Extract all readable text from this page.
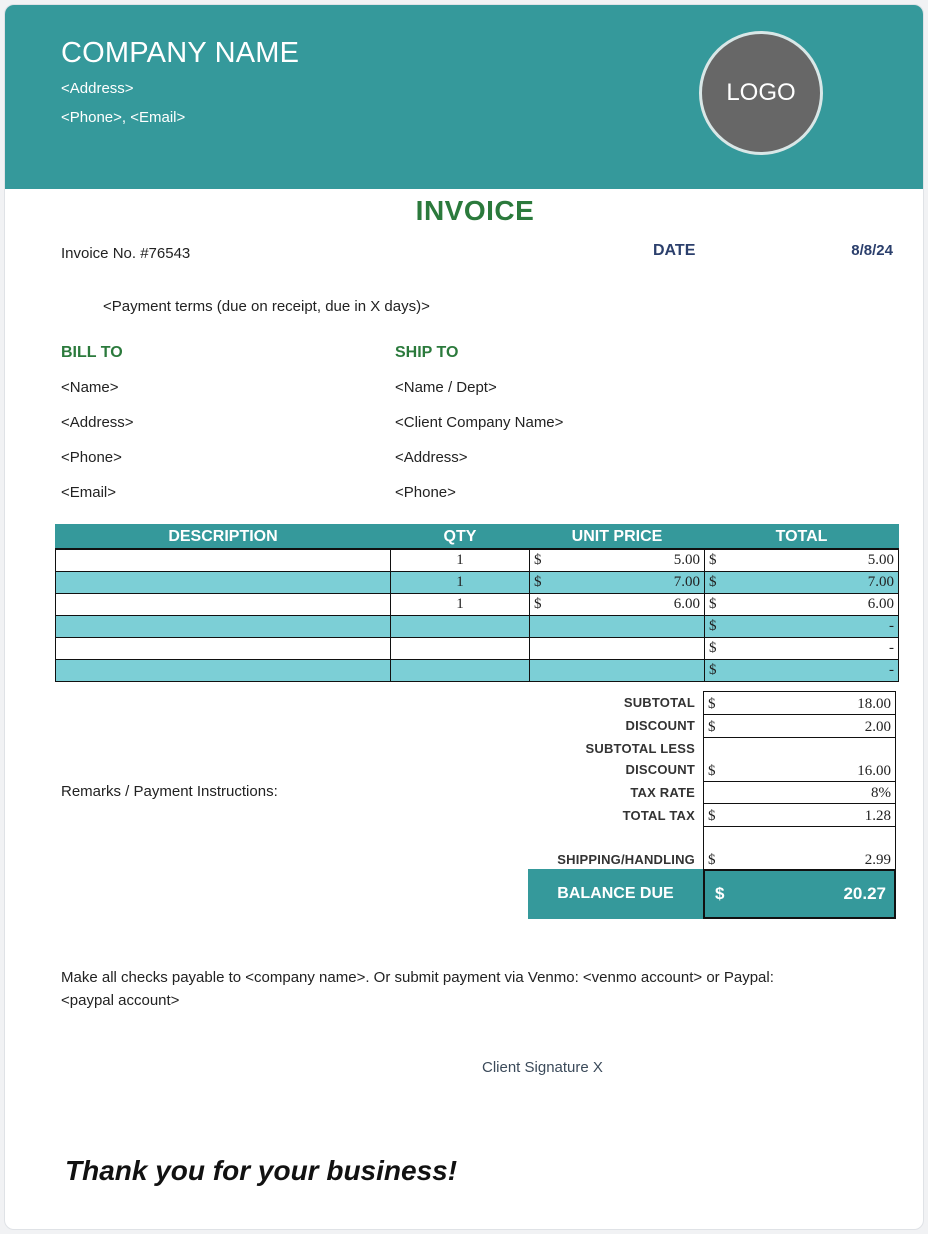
COMPANY NAME
<Address>
<Phone>, <Email>
LOGO
INVOICE
Invoice No. #76543	DATE	8/8/24
<Payment terms (due on receipt, due in X days)>
BILL TO
<Name>
<Address>
<Phone>
<Email>
SHIP TO
<Name / Dept>
<Client Company Name>
<Address>
<Phone>
DESCRIPTION	QTY	UNIT PRICE	TOTAL
	1	$ 5.00	$ 5.00

	1	$ 7.00	$ 7.00

	1	$ 6.00	$ 6.00

			$ -

			$ -

			$ -
SUBTOTAL $	18.00
DISCOUNT $	2.00
SUBTOTAL LESS
DISCOUNT $	16.00
TAX RATE	8%
TOTAL TAX $	1.28
SHIPPING/HANDLING $	2.99
BALANCE DUE	$	20.27
Remarks / Payment Instructions:
Make all checks payable to <company name>. Or submit payment via Venmo: <venmo account> or Paypal:
<paypal account>
Client Signature X
Thank you for your business!
